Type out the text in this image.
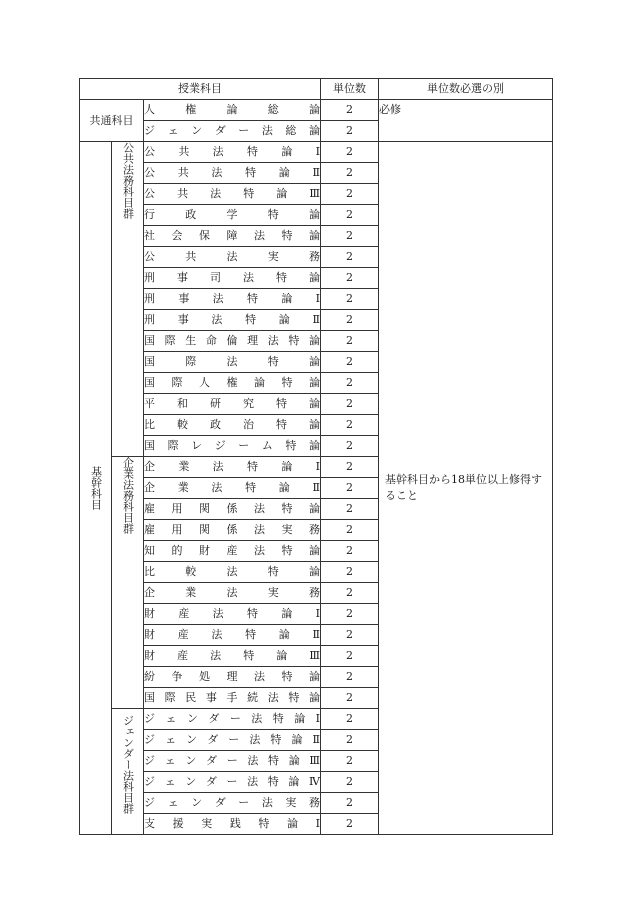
授業科目			単位数	単位数必選の別
共通科目		人 権 論 総 論	2	必修

		ジ ェ ン ダ ー 法 総 論	2	

基幹科目	公共法務科目群	公 共 法 特 論 Ⅰ	2	基幹科目から18単位以上修得すること

		公 共 法 特 論 Ⅱ	2	

		公 共 法 特 論 Ⅲ	2	

		行 政 学 特 論	2	

		社 会 保 障 法 特 論	2	

		公 共 法 実 務	2	

		刑 事 司 法 特 論	2	

		刑 事 法 特 論 Ⅰ	2	

		刑 事 法 特 論 Ⅱ	2	

		国 際 生 命 倫 理 法 特 論	2	

		国 際 法 特 論	2	

		国 際 人 権 論 特 論	2	

		平 和 研 究 特 論	2	

		比 較 政 治 特 論	2	

		国 際 レ ジ ー ム 特 論	2	

	企業法務科目群	企 業 法 特 論 Ⅰ	2	

		企 業 法 特 論 Ⅱ	2	

		雇 用 関 係 法 特 論	2	

		雇 用 関 係 法 実 務	2	

		知 的 財 産 法 特 論	2	

		比 較 法 特 論	2	

		企 業 法 実 務	2	

		財 産 法 特 論 Ⅰ	2	

		財 産 法 特 論 Ⅱ	2	

		財 産 法 特 論 Ⅲ	2	

		紛 争 処 理 法 特 論	2	

		国 際 民 事 手 続 法 特 論	2	

	ジェンダー法科目群	ジ ェ ン ダ ー 法 特 論 Ⅰ	2	

		ジ ェ ン ダ ー 法 特 論 Ⅱ	2	

		ジ ェ ン ダ ー 法 特 論 Ⅲ	2	

		ジ ェ ン ダ ー 法 特 論 Ⅳ	2	

		ジ ェ ン ダ ー 法 実 務	2	

		支 援 実 践 特 論 Ⅰ	2	
